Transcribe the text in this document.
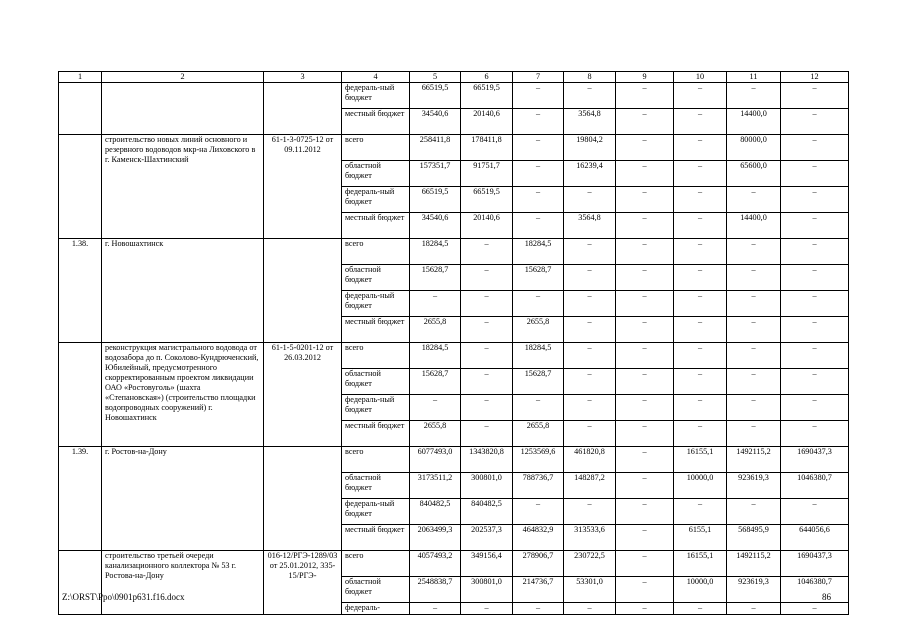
1	2	3	4	5	6	7	8	9	10	11	12
			федераль-ный бюджет	66519,5	66519,5	–	–	–	–	–	–
			местный бюджет	34540,6	20140,6	–	3564,8	–	–	14400,0	–
	строительство новых линий основного и резервного водоводов мкр-на Лиховского в г. Каменск-Шахтинский	61-1-3-0725-12 от 09.11.2012	всего	258411,8	178411,8	–	19804,2	–	–	80000,0	–
			областной бюджет	157351,7	91751,7	–	16239,4	–	–	65600,0	–
			федераль-ный бюджет	66519,5	66519,5	–	–	–	–	–	–
			местный бюджет	34540,6	20140,6	–	3564,8	–	–	14400,0	–
1.38.	г. Новошахтинск		всего	18284,5	–	18284,5	–	–	–	–	–
			областной бюджет	15628,7	–	15628,7	–	–	–	–	–
			федераль-ный бюджет	–	–	–	–	–	–	–	–
			местный бюджет	2655,8	–	2655,8	–	–	–	–	–
	реконструкция магистрального водовода от водозабора до п. Соколово-Кундрюченский, Юбилейный, предусмотренного скорректированным проектом ликвидации ОАО «Ростовуголь» (шахта «Степановская») (строительство площадки водопроводных сооружений) г. Новошахтинск	61-1-5-0201-12 от 26.03.2012	всего	18284,5	–	18284,5	–	–	–	–	–
			областной бюджет	15628,7	–	15628,7	–	–	–	–	–
			федераль-ный бюджет	–	–	–	–	–	–	–	–
			местный бюджет	2655,8	–	2655,8	–	–	–	–	–
1.39.	г. Ростов-на-Дону		всего	6077493,0	1343820,8	1253569,6	461820,8	–	16155,1	1492115,2	1690437,3
			областной бюджет	3173511,2	300801,0	788736,7	148287,2	–	10000,0	923619,3	1046380,7
			федераль-ный бюджет	840482,5	840482,5	–	–	–	–	–	–
			местный бюджет	2063499,3	202537,3	464832,9	313533,6	–	6155,1	568495,9	644056,6
	строительство третьей очереди канализационного коллектора № 53 г. Ростова-на-Дону	016-12/РГЭ-1289/03 от 25.01.2012, 335-15/РГЭ-	всего	4057493,2	349156,4	278906,7	230722,5	–	16155,1	1492115,2	1690437,3
			областной бюджет	2548838,7	300801,0	214736,7	53301,0	–	10000,0	923619,3	1046380,7
			федераль-	–	–	–	–	–	–	–	–
Z:\ORST\Ppo\0901p631.f16.docx	86
